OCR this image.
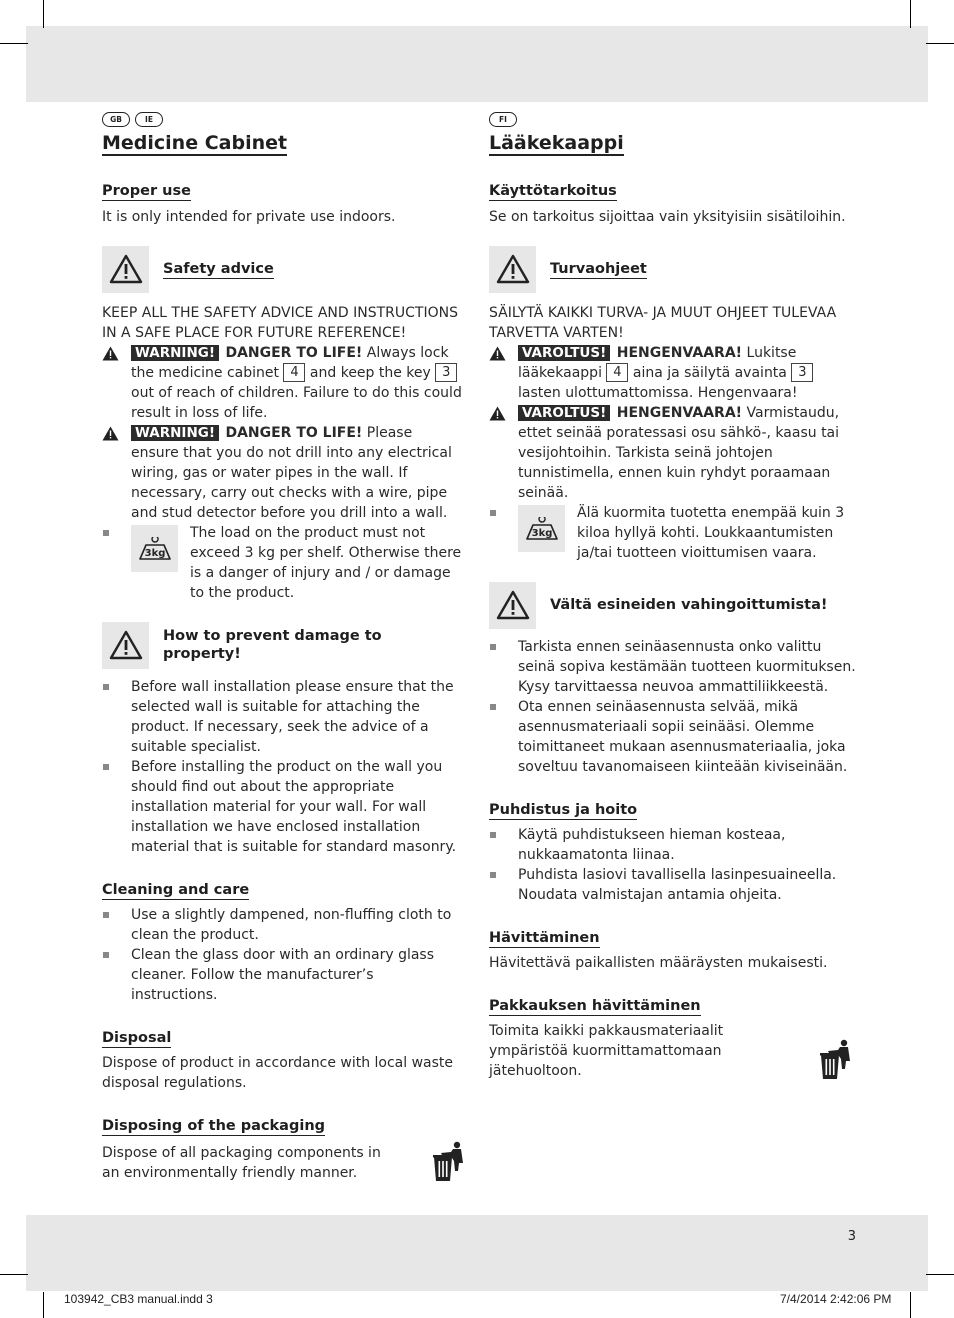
3
103942_CB3 manual.indd 3	7/4/2014 2:42:06 PM
GB	IE
Medicine Cabinet
Proper use

It is only intended for private use indoors.

Safety advice

KEEP ALL THE SAFETY ADVICE AND INSTRUCTIONS IN A SAFE PLACE FOR FUTURE REFERENCE!

WARNING! DANGER TO LIFE! Always lock the medicine cabinet 4 and keep the key 3 out of reach of children. Failure to do this could result in loss of life.
WARNING! DANGER TO LIFE! Please ensure that you do not drill into any electrical wiring, gas or water pipes in the wall. If necessary, carry out checks with a wire, pipe and stud detector before you drill into a wall.
3kg
The load on the product must not exceed 3 kg per shelf. Otherwise there is a danger of injury and / or damage to the product.
How to prevent damage to property!
Before wall installation please ensure that the selected wall is suitable for attaching the product. If necessary, seek the advice of a suitable specialist.
Before installing the product on the wall you should find out about the appropriate installation material for your wall. For wall installation we have enclosed installation material that is suitable for standard masonry.
Cleaning and care
Use a slightly dampened, non-fluffing cloth to clean the product.
Clean the glass door with an ordinary glass cleaner. Follow the manufacturer’s instructions.
Disposal

Dispose of product in accordance with local waste disposal regulations.

Disposing of the packaging

Dispose of all packaging components in an environmentally friendly manner.

FI
Lääkekaappi
Käyttötarkoitus

Se on tarkoitus sijoittaa vain yksityisiin sisätiloihin.

Turvaohjeet

SÄILYTÄ KAIKKI TURVA- JA MUUT OHJEET TULEVAA TARVETTA VARTEN!

VAROLTUS! HENGENVAARA! Lukitse lääkekaappi 4 aina ja säilytä avainta 3 lasten ulottumattomissa. Hengenvaara!
VAROLTUS! HENGENVAARA! Varmistaudu, ettet seinää poratessasi osu sähkö-, kaasu tai vesijohtoihin. Tarkista seinä johtojen tunnistimella, ennen kuin ryhdyt poraamaan seinää.
3kg
Älä kuormita tuotetta enempää kuin 3 kiloa hyllyä kohti. Loukkaantumisten ja/tai tuotteen vioittumisen vaara.
Vältä esineiden vahingoittumista!
Tarkista ennen seinäasennusta onko valittu seinä sopiva kestämään tuotteen kuormituksen. Kysy tarvittaessa neuvoa ammattiliikkeestä.
Ota ennen seinäasennusta selvää, mikä asennusmateriaali sopii seinääsi. Olemme toimittaneet mukaan asennusmateriaalia, joka soveltuu tavanomaiseen kiinteään kiviseinään.
Puhdistus ja hoito
Käytä puhdistukseen hieman kosteaa, nukkaamatonta liinaa.
Puhdista lasiovi tavallisella lasinpesuaineella. Noudata valmistajan antamia ohjeita.
Hävittäminen

Hävitettävä paikallisten määräysten mukaisesti.

Pakkauksen hävittäminen

Toimita kaikki pakkausmateriaalit ympäristöä kuormittamattomaan jätehuoltoon.
